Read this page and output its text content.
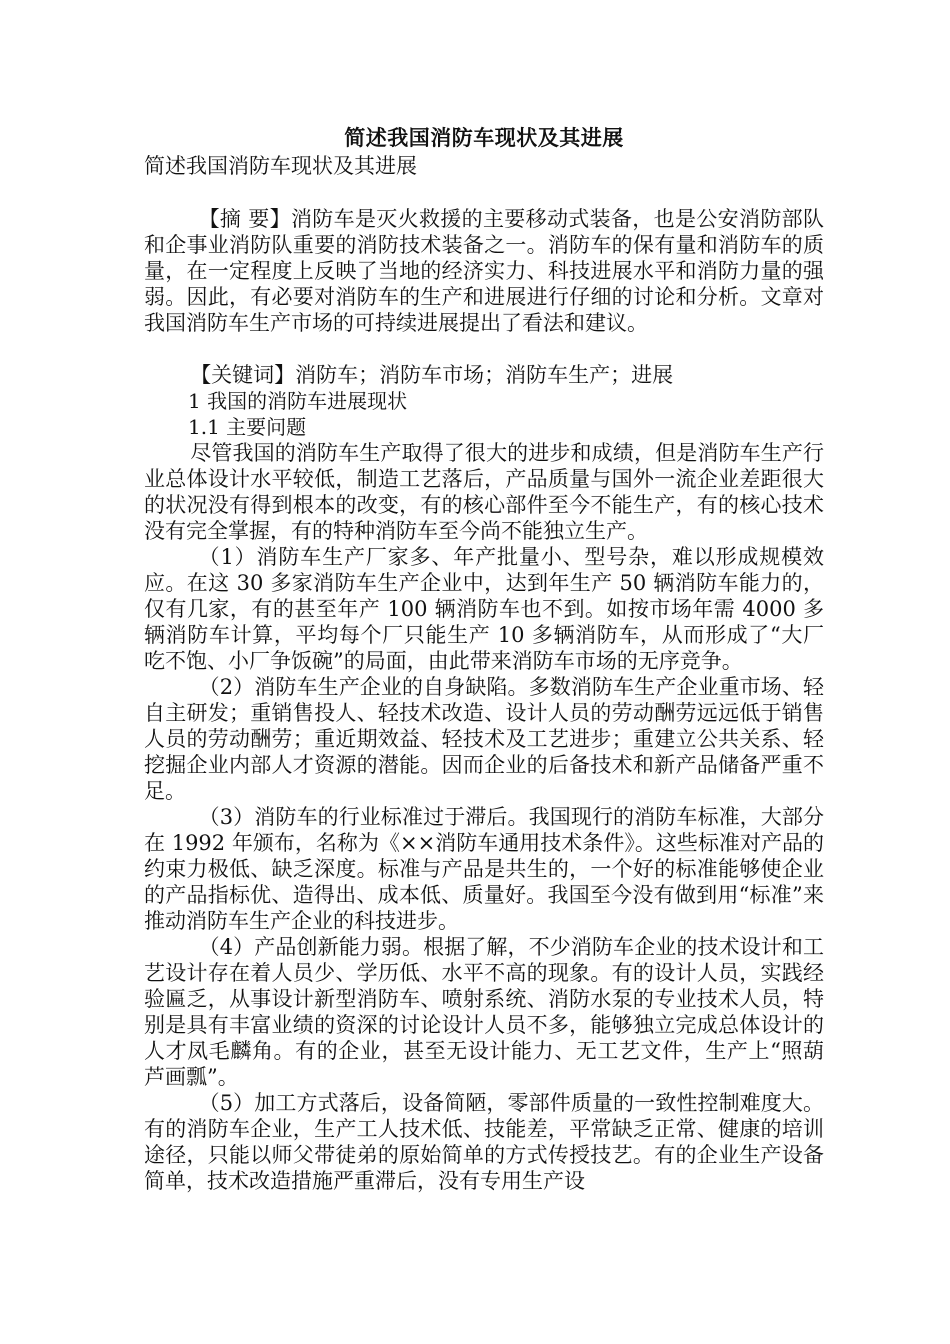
简述我国消防车现状及其进展

简述我国消防车现状及其进展

【摘 要】消防车是灭火救援的主要移动式装备，也是公安消防部队和企事业消防队重要的消防技术装备之一。消防车的保有量和消防车的质量，在一定程度上反映了当地的经济实力、科技进展水平和消防力量的强弱。因此，有必要对消防车的生产和进展进行仔细的讨论和分析。文章对我国消防车生产市场的可持续进展提出了看法和建议。

【关键词】消防车；消防车市场；消防车生产；进展

1 我国的消防车进展现状

1.1 主要问题

尽管我国的消防车生产取得了很大的进步和成绩，但是消防车生产行业总体设计水平较低，制造工艺落后，产品质量与国外一流企业差距很大的状况没有得到根本的改变，有的核心部件至今不能生产，有的核心技术没有完全掌握，有的特种消防车至今尚不能独立生产。

（1）消防车生产厂家多、年产批量小、型号杂，难以形成规模效应。在这 30 多家消防车生产企业中，达到年生产 50 辆消防车能力的，仅有几家，有的甚至年产 100 辆消防车也不到。如按市场年需 4000 多辆消防车计算，平均每个厂只能生产 10 多辆消防车，从而形成了“大厂吃不饱、小厂争饭碗”的局面，由此带来消防车市场的无序竞争。

（2）消防车生产企业的自身缺陷。多数消防车生产企业重市场、轻自主研发；重销售投人、轻技术改造、设计人员的劳动酬劳远远低于销售人员的劳动酬劳；重近期效益、轻技术及工艺进步；重建立公共关系、轻挖掘企业内部人才资源的潜能。因而企业的后备技术和新产品储备严重不足。

（3）消防车的行业标准过于滞后。我国现行的消防车标准，大部分在 1992 年颁布，名称为《××消防车通用技术条件》。这些标准对产品的约束力极低、缺乏深度。标准与产品是共生的，一个好的标准能够使企业的产品指标优、造得出、成本低、质量好。我国至今没有做到用“标准”来推动消防车生产企业的科技进步。

（4）产品创新能力弱。根据了解，不少消防车企业的技术设计和工艺设计存在着人员少、学历低、水平不高的现象。有的设计人员，实践经验匾乏，从事设计新型消防车、喷射系统、消防水泵的专业技术人员，特别是具有丰富业绩的资深的讨论设计人员不多，能够独立完成总体设计的人才凤毛麟角。有的企业，甚至无设计能力、无工艺文件，生产上“照葫芦画瓢”。

（5）加工方式落后，设备简陋，零部件质量的一致性控制难度大。有的消防车企业，生产工人技术低、技能差，平常缺乏正常、健康的培训途径，只能以师父带徒弟的原始简单的方式传授技艺。有的企业生产设备简单，技术改造措施严重滞后，没有专用生产设
